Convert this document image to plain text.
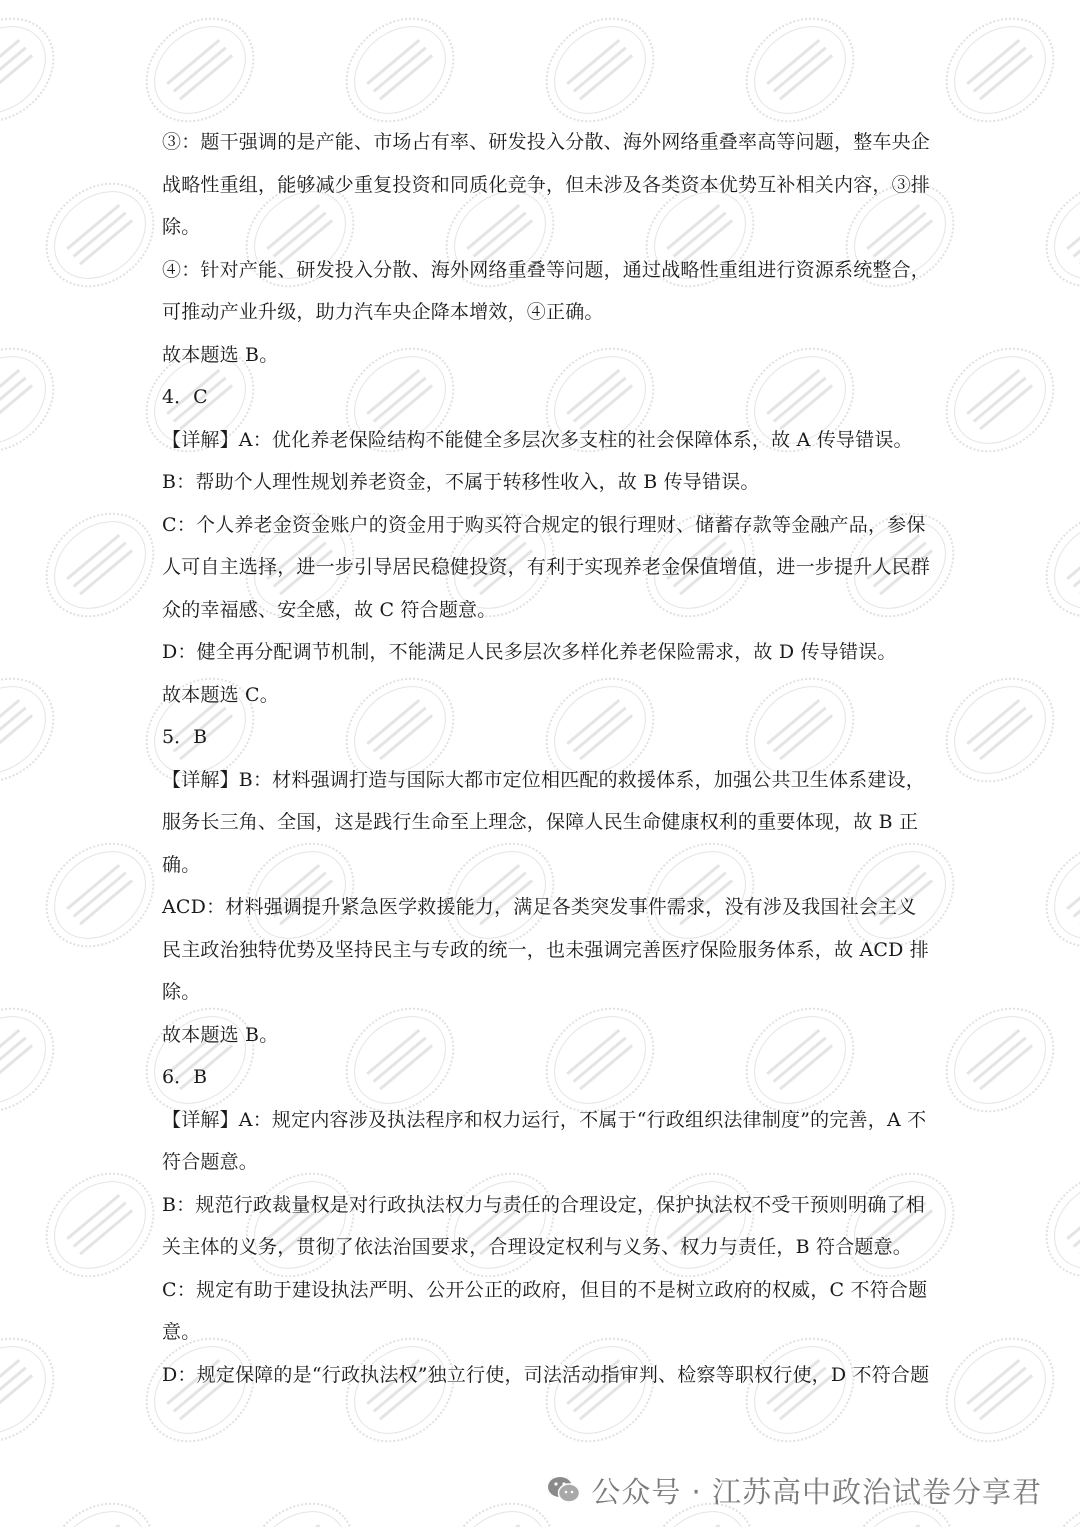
③：题干强调的是产能、市场占有率、研发投入分散、海外网络重叠率高等问题，整车央企
战略性重组，能够减少重复投资和同质化竞争，但未涉及各类资本优势互补相关内容，③排
除。
④：针对产能、研发投入分散、海外网络重叠等问题，通过战略性重组进行资源系统整合，
可推动产业升级，助力汽车央企降本增效，④正确。
故本题选 B。
4．C
【详解】A：优化养老保险结构不能健全多层次多支柱的社会保障体系，故 A 传导错误。
B：帮助个人理性规划养老资金，不属于转移性收入，故 B 传导错误。
C：个人养老金资金账户的资金用于购买符合规定的银行理财、储蓄存款等金融产品，参保
人可自主选择，进一步引导居民稳健投资，有利于实现养老金保值增值，进一步提升人民群
众的幸福感、安全感，故 C 符合题意。
D：健全再分配调节机制，不能满足人民多层次多样化养老保险需求，故 D 传导错误。
故本题选 C。
5．B
【详解】B：材料强调打造与国际大都市定位相匹配的救援体系，加强公共卫生体系建设，
服务长三角、全国，这是践行生命至上理念，保障人民生命健康权利的重要体现，故 B 正
确。
ACD：材料强调提升紧急医学救援能力，满足各类突发事件需求，没有涉及我国社会主义
民主政治独特优势及坚持民主与专政的统一，也未强调完善医疗保险服务体系，故 ACD 排
除。
故本题选 B。
6．B
【详解】A：规定内容涉及执法程序和权力运行，不属于“行政组织法律制度”的完善，A 不
符合题意。
B：规范行政裁量权是对行政执法权力与责任的合理设定，保护执法权不受干预则明确了相
关主体的义务，贯彻了依法治国要求，合理设定权利与义务、权力与责任，B 符合题意。
C：规定有助于建设执法严明、公开公正的政府，但目的不是树立政府的权威，C 不符合题
意。
D：规定保障的是“行政执法权”独立行使，司法活动指审判、检察等职权行使，D 不符合题
公众号 · 江苏高中政治试卷分享君
